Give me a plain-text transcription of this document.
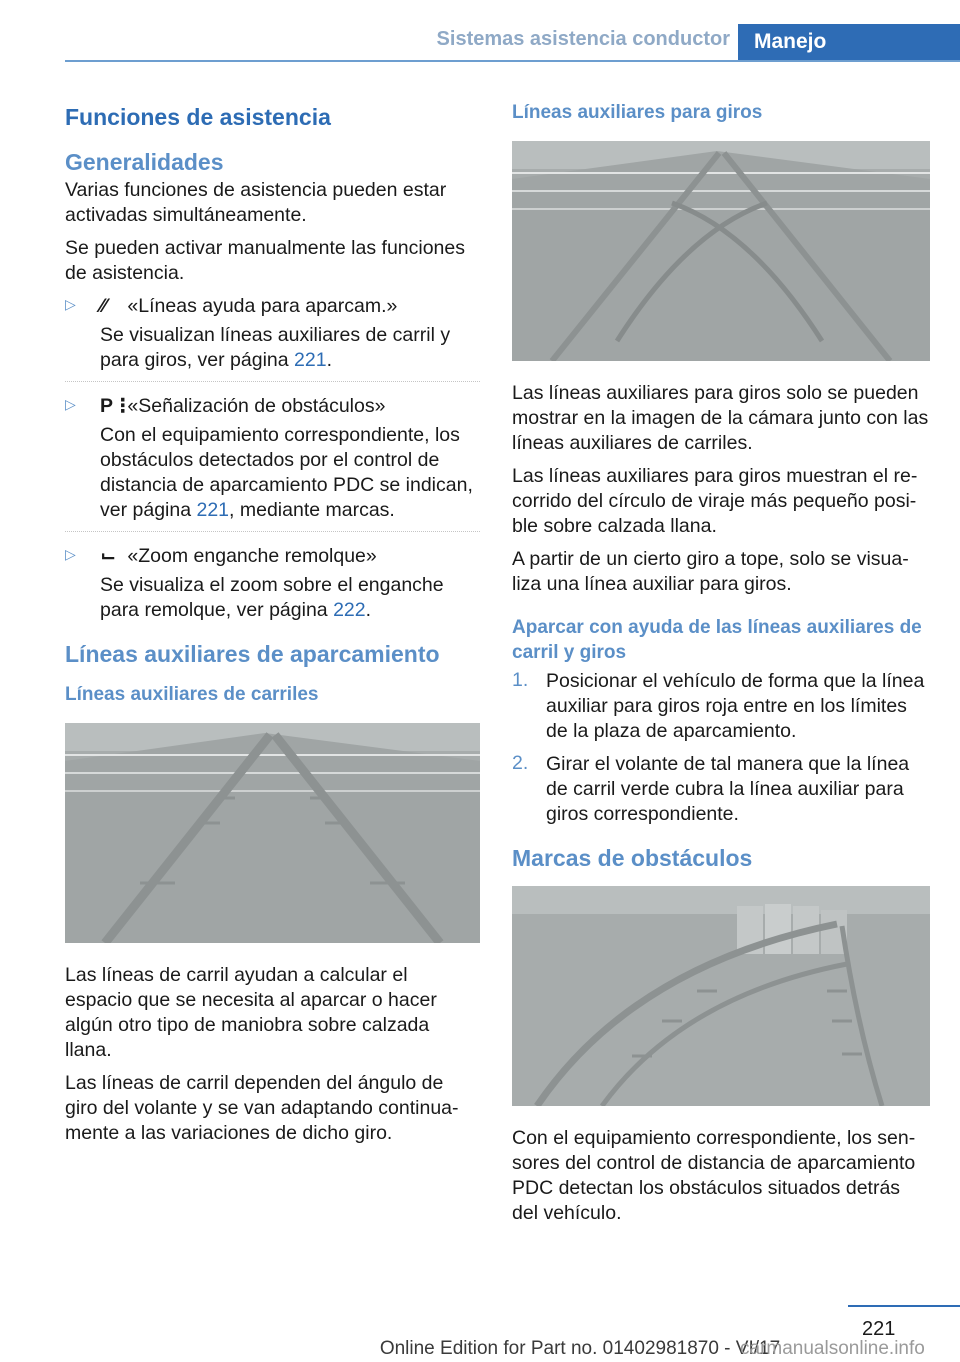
Sistemas asistencia conductor Manejo
Funciones de asistencia
Generalidades

Varias funciones de asistencia pueden estar activadas simultáneamente.

Se pueden activar manualmente las funciones de asistencia.

▷ ⁄⁄ «Líneas ayuda para aparcam.»

Se visualizan líneas auxiliares de carril y para giros, ver página 221.

▷ P⋮ «Señalización de obstáculos»

Con el equipamiento correspondiente, los obstáculos detectados por el control de distancia de aparcamiento PDC se indican, ver página 221, mediante marcas.

▷ ⌙ «Zoom enganche remolque»

Se visualiza el zoom sobre el enganche para remolque, ver página 222.

Líneas auxiliares de aparcamiento
Líneas auxiliares de carriles

Las líneas de carril ayudan a calcular el espacio que se necesita al aparcar o hacer algún otro tipo de maniobra sobre calzada llana.

Las líneas de carril dependen del ángulo de giro del volante y se van adaptando continua-mente a las variaciones de dicho giro.

Líneas auxiliares para giros

Las líneas auxiliares para giros solo se pueden mostrar en la imagen de la cámara junto con las líneas auxiliares de carriles.

Las líneas auxiliares para giros muestran el re-corrido del círculo de viraje más pequeño posi-ble sobre calzada llana.

A partir de un cierto giro a tope, solo se visua-liza una línea auxiliar para giros.

Aparcar con ayuda de las líneas auxiliares de carril y giros
1. Posicionar el vehículo de forma que la línea auxiliar para giros roja entre en los límites de la plaza de aparcamiento.

2. Girar el volante de tal manera que la línea de carril verde cubra la línea auxiliar para giros correspondiente.

Marcas de obstáculos

Con el equipamiento correspondiente, los sen-sores del control de distancia de aparcamiento PDC detectan los obstáculos situados detrás del vehículo.

221
Online Edition for Part no. 01402981870 - VI/17
carmanualsonline.info
